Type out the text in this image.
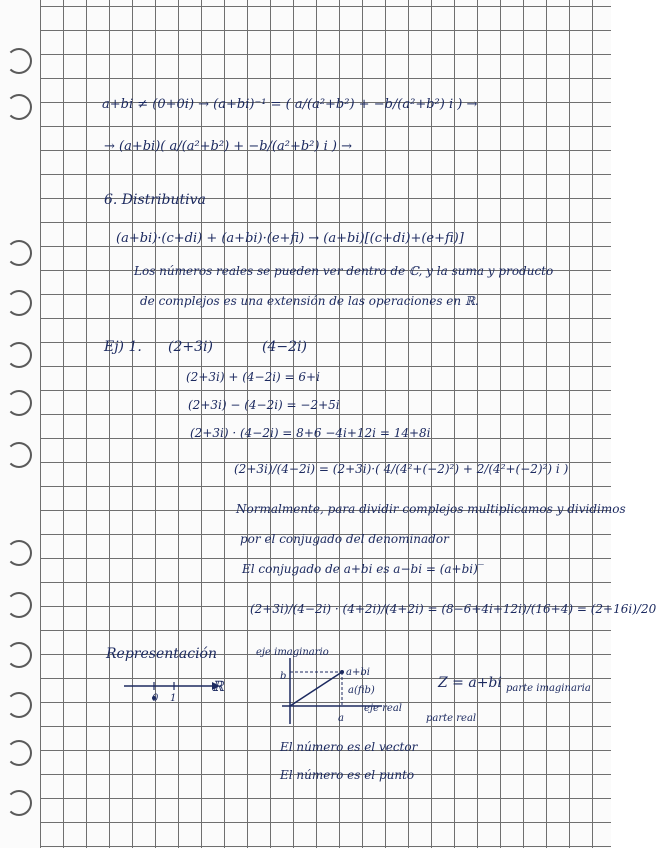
a+bi ≠ (0+0i) → (a+bi)⁻¹ = ( a/(a²+b²) + −b/(a²+b²) i ) →
→ (a+bi)( a/(a²+b²) + −b/(a²+b²) i ) →
6. Distributiva
(a+bi)·(c+di) + (a+bi)·(e+fi) → (a+bi)[(c+di)+(e+fi)]
Los números reales se pueden ver dentro de ℂ, y la suma y producto
de complejos es una extensión de las operaciones en ℝ.
Ej) 1. (2+3i)	(4−2i)
(2+3i) + (4−2i) = 6+i
(2+3i) − (4−2i) = −2+5i
(2+3i) · (4−2i) = 8+6 −4i+12i = 14+8i
(2+3i)/(4−2i) = (2+3i)·( 4/(4²+(−2)²) + 2/(4²+(−2)²) i )
Normalmente, para dividir complejos multiplicamos y dividimos
por el conjugado del denominador
El conjugado de a+bi es a−bi = (a+bi)‾
(2+3i)/(4−2i) · (4+2i)/(4+2i) = (8−6+4i+12i)/(16+4) = (2+16i)/20
Representación
0 1
ℝ
eje imaginario
b	a+bi
a(fib)
a
eje real
Z = a+bi parte imaginaria
parte real
El número es el vector
El número es el punto
